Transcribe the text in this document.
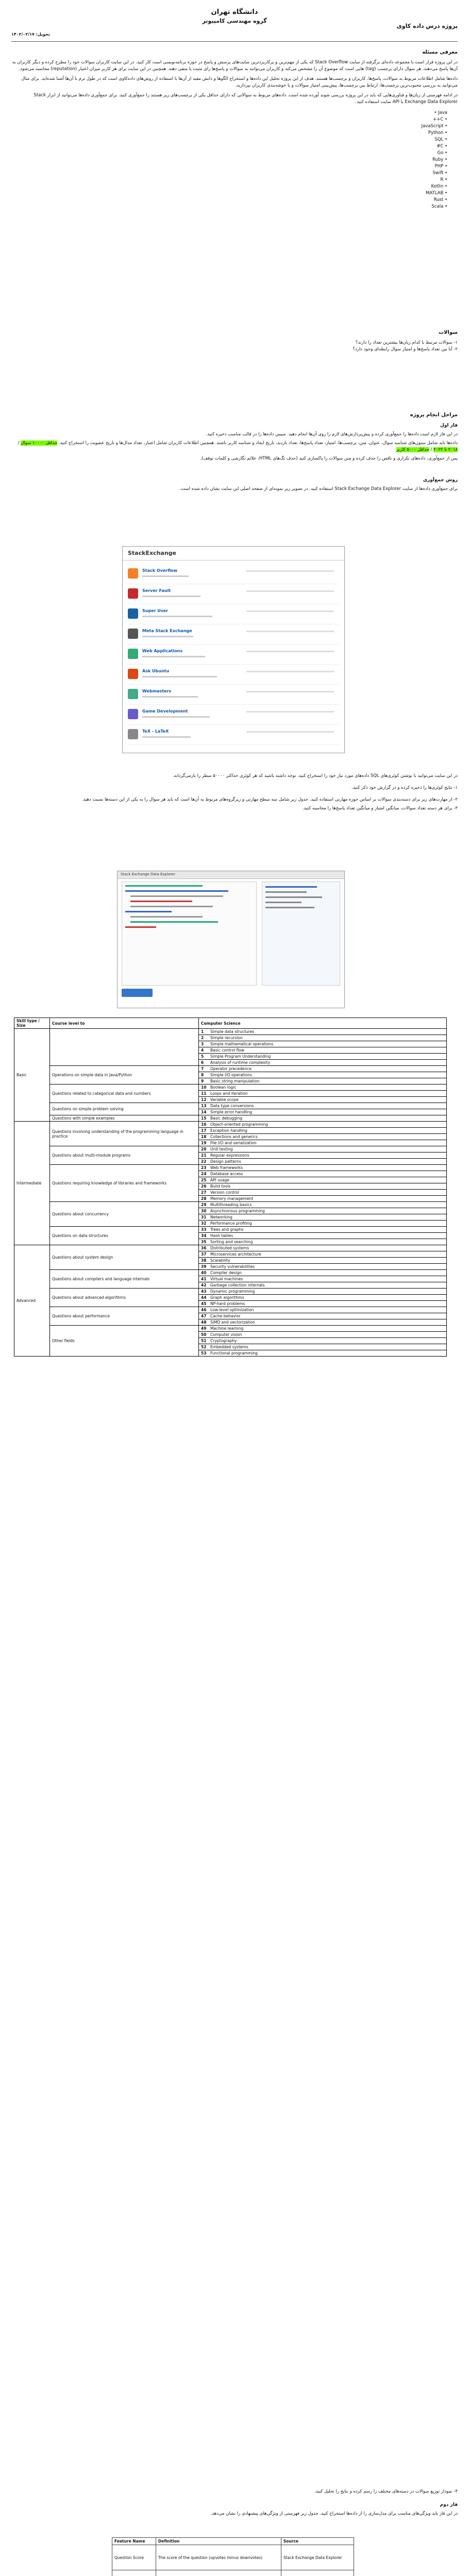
دانشگاه تهران
گروه مهندسی کامپیوتر
پروژه درس داده کاوی
تحویل: ۱۴۰۲/۰۲/۱۷
معرفی مسئله

در این پروژه قرار است با مجموعه داده‌ای برگرفته از سایت Stack Overflow که یکی از مهم‌ترین و پرکاربردترین سایت‌های پرسش و پاسخ در حوزه برنامه‌نویسی است کار کنید. در این سایت کاربران سوالات خود را مطرح کرده و دیگر کاربران به آن‌ها پاسخ می‌دهند. هر سوال دارای برچسب (tag) هایی است که موضوع آن را مشخص می‌کند و کاربران می‌توانند به سوالات و پاسخ‌ها رای مثبت یا منفی دهند. همچنین در این سایت برای هر کاربر میزان اعتبار (reputation) محاسبه می‌شود.

داده‌ها شامل اطلاعات مربوط به سوالات، پاسخ‌ها، کاربران و برچسب‌ها هستند. هدف از این پروژه تحلیل این داده‌ها و استخراج الگوها و دانش مفید از آن‌ها با استفاده از روش‌های داده‌کاوی است که در طول ترم با آن‌ها آشنا شده‌اید. برای مثال می‌توانید به بررسی محبوب‌ترین برچسب‌ها، ارتباط بین برچسب‌ها، پیش‌بینی امتیاز سوالات و یا خوشه‌بندی کاربران بپردازید.

در ادامه فهرستی از زبان‌ها و فناوری‌هایی که باید در این پروژه بررسی شوند آورده شده است. داده‌های مربوط به سوالاتی که دارای حداقل یکی از برچسب‌های زیر هستند را جمع‌آوری کنید. برای جمع‌آوری داده‌ها می‌توانید از ابزار Stack Exchange Data Explorer یا API سایت استفاده کنید.

• Java
• C++
• JavaScript
• Python
• SQL
• C#
• Go
• Ruby
• PHP
• Swift
• R
• Kotlin
• MATLAB
• Rust
• Scala
سوالات

۱- سوالات مرتبط با کدام زبان‌ها بیشترین تعداد را دارند؟

۲- آیا بین تعداد پاسخ‌ها و امتیاز سوال رابطه‌ای وجود دارد؟

مراحل انجام پروژه
فاز اول

در این فاز لازم است داده‌ها را جمع‌آوری کرده و پیش‌پردازش‌های لازم را روی آن‌ها انجام دهید. سپس داده‌ها را در قالب مناسب ذخیره کنید.

داده‌ها باید شامل ستون‌های شناسه سوال، عنوان، متن، برچسب‌ها، امتیاز، تعداد پاسخ‌ها، تعداد بازدید، تاریخ ایجاد و شناسه کاربر باشند. همچنین اطلاعات کاربران شامل اعتبار، تعداد مدال‌ها و تاریخ عضویت را استخراج کنید. حداقل ۱۰۰۰۰ سوال / ۲۰۱۸ تا ۲۰۲۲ / حداقل ۵۰۰۰ کاربر

پس از جمع‌آوری، داده‌های تکراری و ناقص را حذف کرده و متن سوالات را پاکسازی کنید (حذف تگ‌های HTML، علائم نگارشی و کلمات توقف).

روش جمع‌آوری

برای جمع‌آوری داده‌ها از سایت Stack Exchange Data Explorer استفاده کنید. در تصویر زیر نمونه‌ای از صفحه اصلی این سایت نشان داده شده است.

StackExchange
Stack Overflow
Server Fault
Super User
Meta Stack Exchange
Web Applications
Ask Ubuntu
Webmasters
Game Development
TeX - LaTeX

در این سایت می‌توانید با نوشتن کوئری‌های SQL داده‌های مورد نیاز خود را استخراج کنید. توجه داشته باشید که هر کوئری حداکثر ۵۰۰۰۰ سطر را بازمی‌گرداند.

۱- نتایج کوئری‌ها را ذخیره کرده و در گزارش خود ذکر کنید.

۲- از مهارت‌های زیر برای دسته‌بندی سوالات بر اساس حوزه مهارتی استفاده کنید. جدول زیر شامل سه سطح مهارتی و زیرگروه‌های مربوط به آن‌ها است که باید هر سوال را به یکی از این دسته‌ها نسبت دهید.

۳- برای هر دسته تعداد سوالات، میانگین امتیاز و میانگین تعداد پاسخ‌ها را محاسبه کنید.

Stack Exchange Data Explorer
Skill type / Size	Course level to	Computer Science
Basic		1 Simple data structures
		2 Simple recursion
		3 Simple mathematical operations
		4 Basic control flow
		5 Simple Program Understanding
		6 Analysis of runtime complexity
	Operations on simple data in Java/Python	7 Operator precedence
		8 Simple I/O operations
		9 Basic string manipulation
	Questions related to categorical data and numbers	10 Boolean logic
		11 Loops and iteration
		12 Variable scope
	Questions on simple problem solving	13 Data type conversions
		14 Simple error handling
	Questions with simple examples	15 Basic debugging
Intermediate	Questions involving understanding of the programming language in practice	16 Object-oriented programming
		17 Exception handling
		18 Collections and generics
		19 File I/O and serialization
	Questions about multi-module programs	20 Unit testing
		21 Regular expressions
		22 Design patterns
	Questions requiring knowledge of libraries and frameworks	23 Web frameworks
		24 Database access
		25 API usage
		26 Build tools
		27 Version control
		28 Memory management
	Questions about concurrency	29 Multithreading basics
		30 Asynchronous programming
		31 Networking
		32 Performance profiling
	Questions on data structures	33 Trees and graphs
		34 Hash tables
		35 Sorting and searching
Advanced	Questions about system design	36 Distributed systems
		37 Microservices architecture
		38 Scalability
		39 Security vulnerabilities
	Questions about compilers and language internals	40 Compiler design
		41 Virtual machines
		42 Garbage collection internals
	Questions about advanced algorithms	43 Dynamic programming
		44 Graph algorithms
		45 NP-hard problems
	Questions about performance	46 Low-level optimization
		47 Cache behavior
		48 SIMD and vectorization
	Other fields	49 Machine learning
		50 Computer vision
		51 Cryptography
		52 Embedded systems
		53 Functional programming

۴- نمودار توزیع سوالات در دسته‌های مختلف را رسم کرده و نتایج را تحلیل کنید.

فاز دوم

در این فاز باید ویژگی‌های مناسب برای مدل‌سازی را از داده‌ها استخراج کنید. جدول زیر فهرستی از ویژگی‌های پیشنهادی را نشان می‌دهد.

Feature Name	Definition	Source
Question Score	The score of the question (upvotes minus downvotes)	Stack Exchange Data Explorer
